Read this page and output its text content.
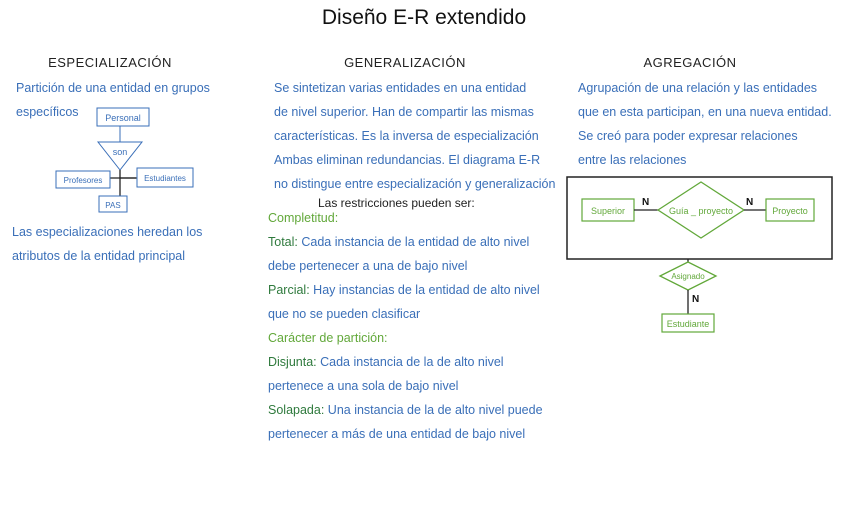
Diseño E-R extendido
ESPECIALIZACIÓN
Partición de una entidad en grupos
específicos	Personal
son
Profesores	Estudiantes
PAS
Las especializaciones heredan los
atributos de la entidad principal
GENERALIZACIÓN
Se sintetizan varias entidades en una entidad
de nivel superior. Han de compartir las mismas
características. Es la inversa de especialización
Ambas eliminan redundancias. El diagrama E-R
no distingue entre especialización y generalización
Las restricciones pueden ser:
Completitud:
Total: Cada instancia de la entidad de alto nivel
debe pertenecer a una de bajo nivel
Parcial: Hay instancias de la entidad de alto nivel
que no se pueden clasificar
Carácter de partición:
Disjunta: Cada instancia de la de alto nivel
pertenece a una sola de bajo nivel
Solapada: Una instancia de la de alto nivel puede
pertenecer a más de una entidad de bajo nivel
AGREGACIÓN
Agrupación de una relación y las entidades
que en esta participan, en una nueva entidad.
Se creó para poder expresar relaciones
entre las relaciones
Superior
N
Guía _ proyecto
N
Proyecto
Asignado
N
Estudiante
